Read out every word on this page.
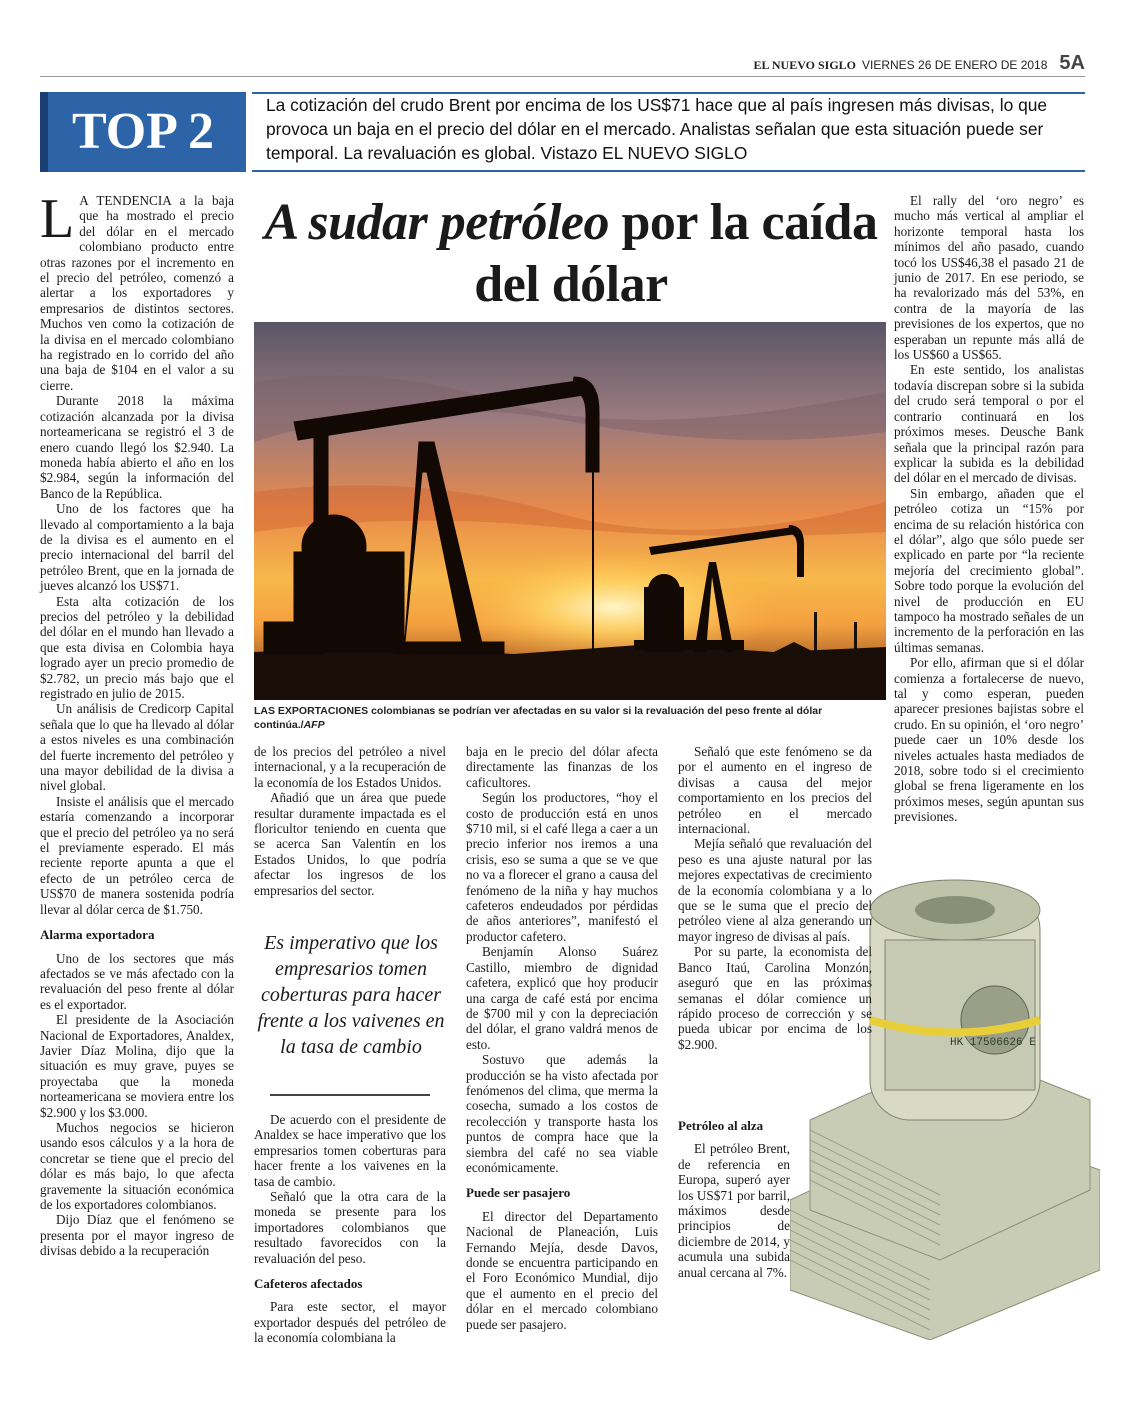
EL NUEVO SIGLO VIERNES 26 DE ENERO DE 2018 5A
TOP 2	La cotización del crudo Brent por encima de los US$71 hace que al país ingresen más divisas, lo que provoca un baja en el precio del dólar en el mercado. Analistas señalan que esta situación puede ser temporal. La revaluación es global. Vistazo EL NUEVO SIGLO

L A TENDENCIA a la baja que ha mostrado el precio del dólar en el mercado colombiano producto entre otras razones por el incremento en el precio del petróleo, comenzó a alertar a los exportadores y empresarios de distintos sectores. Muchos ven como la cotización de la divisa en el mercado colombiano ha registrado en lo corrido del año una baja de $104 en el valor a su cierre.

Durante 2018 la máxima cotización alcanzada por la divisa norteamericana se registró el 3 de enero cuando llegó los $2.940. La moneda había abierto el año en los $2.984, según la información del Banco de la República.

Uno de los factores que ha llevado al comportamiento a la baja de la divisa es el aumento en el precio internacional del barril del petróleo Brent, que en la jornada de jueves alcanzó los US$71.

Esta alta cotización de los precios del petróleo y la debilidad del dólar en el mundo han llevado a que esta divisa en Colombia haya logrado ayer un precio promedio de $2.782, un precio más bajo que el registrado en julio de 2015.

Un análisis de Credicorp Capital señala que lo que ha llevado al dólar a estos niveles es una combinación del fuerte incremento del petróleo y una mayor debilidad de la divisa a nivel global.

Insiste el análisis que el mercado estaría comenzando a incorporar que el precio del petróleo ya no será el previamente esperado. El más reciente reporte apunta a que el efecto de un petróleo cerca de US$70 de manera sostenida podría llevar al dólar cerca de $1.750.

Alarma exportadora

Uno de los sectores que más afectados se ve más afectado con la revaluación del peso frente al dólar es el exportador.

El presidente de la Asociación Nacional de Exportadores, Analdex, Javier Díaz Molina, dijo que la situación es muy grave, puyes se proyectaba que la moneda norteamericana se moviera entre los $2.900 y los $3.000.

Muchos negocios se hicieron usando esos cálculos y a la hora de concretar se tiene que el precio del dólar es más bajo, lo que afecta gravemente la situación económica de los exportadores colombianos.

Dijo Díaz que el fenómeno se presenta por el mayor ingreso de divisas debido a la recuperación

A sudar petróleo por la caída del dólar
LAS EXPORTACIONES colombianas se podrían ver afectadas en su valor si la revaluación del peso frente al dólar continúa./AFP

de los precios del petróleo a nivel internacional, y a la recuperación de la economía de los Estados Unidos.

Añadió que un área que puede resultar duramente impactada es el floricultor teniendo en cuenta que se acerca San Valentín en los Estados Unidos, lo que podría afectar los ingresos de los empresarios del sector.

Es imperativo que los empresarios tomen coberturas para hacer frente a los vaivenes en la tasa de cambio

De acuerdo con el presidente de Analdex se hace imperativo que los empresarios tomen coberturas para hacer frente a los vaivenes en la tasa de cambio.

Señaló que la otra cara de la moneda se presente para los importadores colombianos que resultado favorecidos con la revaluación del peso.

Cafeteros afectados

Para este sector, el mayor exportador después del petróleo de la economía colombiana la

baja en le precio del dólar afecta directamente las finanzas de los caficultores.

Según los productores, “hoy el costo de producción está en unos $710 mil, si el café llega a caer a un precio inferior nos iremos a una crisis, eso se suma a que se ve que no va a florecer el grano a causa del fenómeno de la niña y hay muchos cafeteros endeudados por pérdidas de años anteriores”, manifestó el productor cafetero.

Benjamín Alonso Suárez Castillo, miembro de dignidad cafetera, explicó que hoy producir una carga de café está por encima de $700 mil y con la depreciación del dólar, el grano valdrá menos de esto.

Sostuvo que además la producción se ha visto afectada por fenómenos del clima, que merma la cosecha, sumado a los costos de recolección y transporte hasta los puntos de compra hace que la siembra del café no sea viable económicamente.

Puede ser pasajero

El director del Departamento Nacional de Planeación, Luis Fernando Mejía, desde Davos, donde se encuentra participando en el Foro Económico Mundial, dijo que el aumento en el precio del dólar en el mercado colombiano puede ser pasajero.

HK 17506626 E

Señaló que este fenómeno se da por el aumento en el ingreso de divisas a causa del mejor comportamiento en los precios del petróleo en el mercado internacional.

Mejía señaló que revaluación del peso es una ajuste natural por las mejores expectativas de crecimiento de la economía colombiana y a lo que se le suma que el precio del petróleo viene al alza generando un mayor ingreso de divisas al país.

Por su parte, la economista del Banco Itaú, Carolina Monzón, aseguró que en las próximas semanas el dólar comience un rápido proceso de corrección y se pueda ubicar por encima de los $2.900.

Petróleo al alza

El petróleo Brent, de referencia en Europa, superó ayer los US$71 por barril, máximos desde principios de diciembre de 2014, y acumula una subida anual cercana al 7%.

El rally del ‘oro negro’ es mucho más vertical al ampliar el horizonte temporal hasta los mínimos del año pasado, cuando tocó los US$46,38 el pasado 21 de junio de 2017. En ese periodo, se ha revalorizado más del 53%, en contra de la mayoría de las previsiones de los expertos, que no esperaban un repunte más allá de los US$60 a US$65.

En este sentido, los analistas todavía discrepan sobre si la subida del crudo será temporal o por el contrario continuará en los próximos meses. Deusche Bank señala que la principal razón para explicar la subida es la debilidad del dólar en el mercado de divisas.

Sin embargo, añaden que el petróleo cotiza un “15% por encima de su relación histórica con el dólar”, algo que sólo puede ser explicado en parte por “la reciente mejoría del crecimiento global”. Sobre todo porque la evolución del nivel de producción en EU tampoco ha mostrado señales de un incremento de la perforación en las últimas semanas.

Por ello, afirman que si el dólar comienza a fortalecerse de nuevo, tal y como esperan, pueden aparecer presiones bajistas sobre el crudo. En su opinión, el ‘oro negro’ puede caer un 10% desde los niveles actuales hasta mediados de 2018, sobre todo si el crecimiento global se frena ligeramente en los próximos meses, según apuntan sus previsiones.
